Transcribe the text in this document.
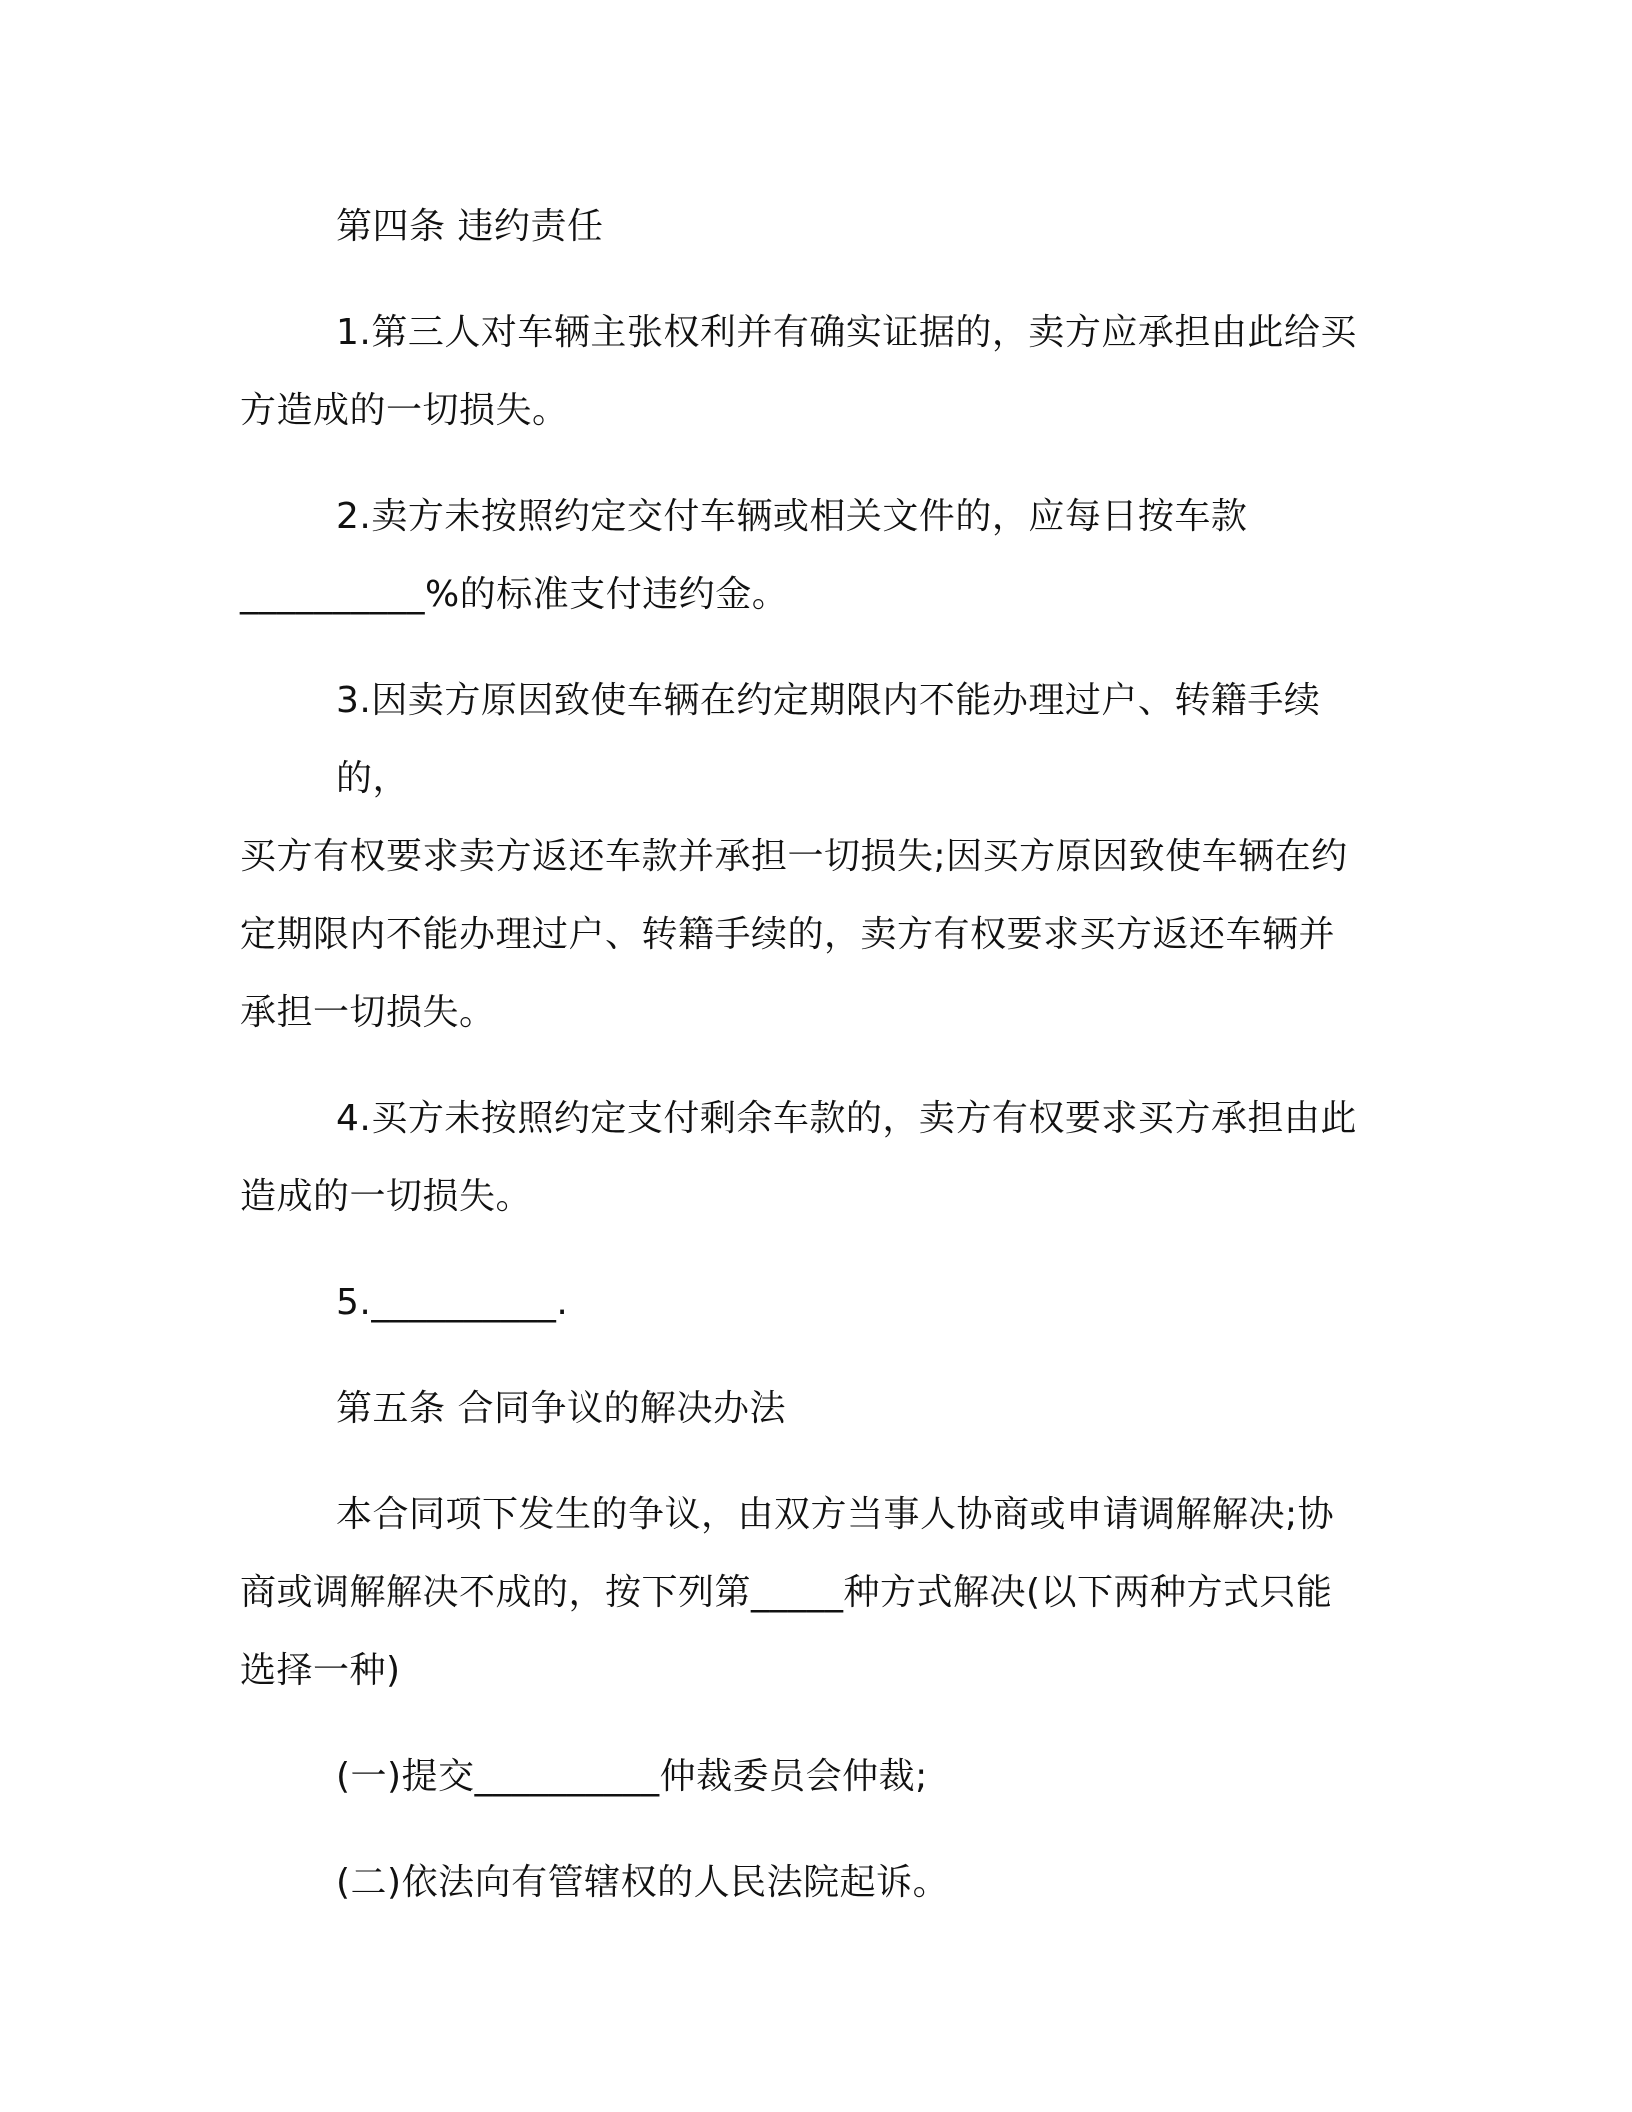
第四条 违约责任

1.第三人对车辆主张权利并有确实证据的，卖方应承担由此给买
方造成的一切损失。
2.卖方未按照约定交付车辆或相关文件的，应每日按车款
__________%的标准支付违约金。
3.因卖方原因致使车辆在约定期限内不能办理过户、转籍手续的，
买方有权要求卖方返还车款并承担一切损失;因买方原因致使车辆在约
定期限内不能办理过户、转籍手续的，卖方有权要求买方返还车辆并
承担一切损失。
4.买方未按照约定支付剩余车款的，卖方有权要求买方承担由此
造成的一切损失。
5.__________.

第五条 合同争议的解决办法

本合同项下发生的争议，由双方当事人协商或申请调解解决;协
商或调解解决不成的，按下列第_____种方式解决(以下两种方式只能
选择一种)

(一)提交__________仲裁委员会仲裁;

(二)依法向有管辖权的人民法院起诉。
